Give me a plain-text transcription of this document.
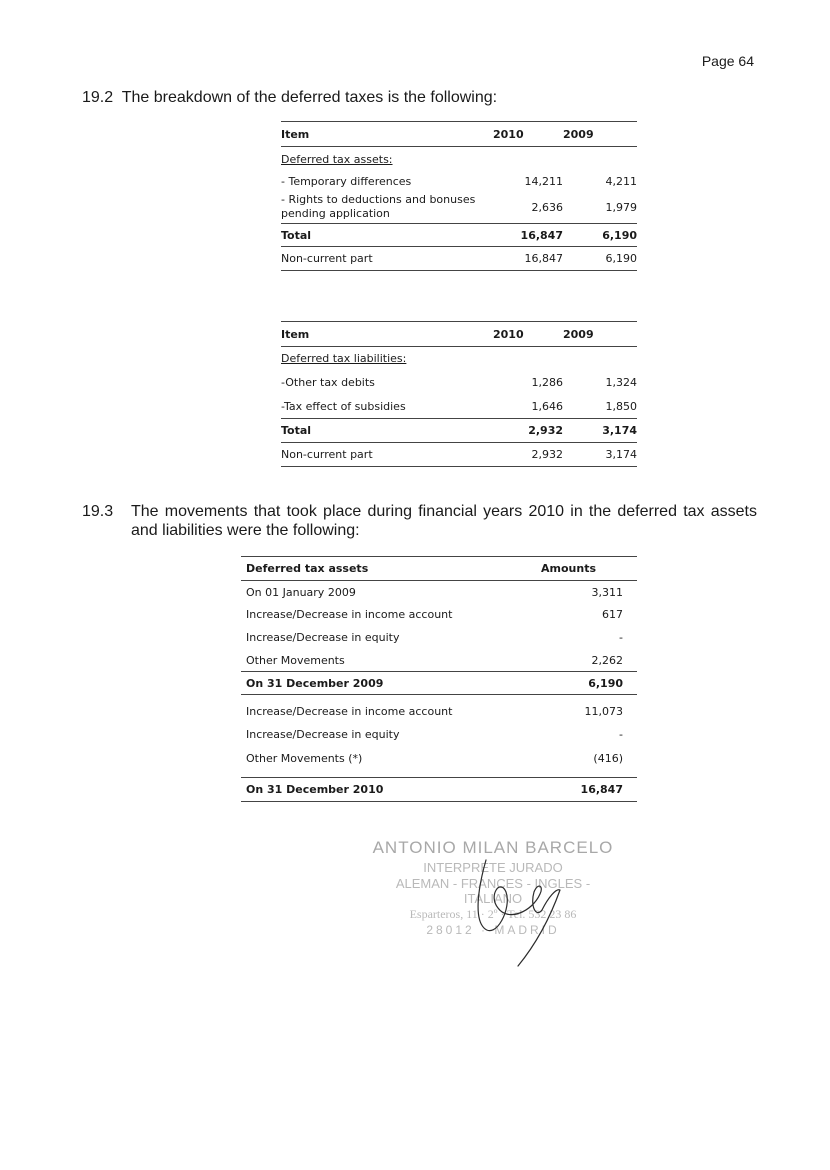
Page 64
19.2 The breakdown of the deferred taxes is the following:
Item	2010	2009
Deferred tax assets:		
- Temporary differences	14,211	4,211
- Rights to deductions and bonuses pending application	2,636	1,979
Total	16,847	6,190
Non-current part	16,847	6,190
Item	2010	2009
Deferred tax liabilities:		
-Other tax debits	1,286	1,324
-Tax effect of subsidies	1,646	1,850
Total	2,932	3,174
Non-current part	2,932	3,174
19.3 The movements that took place during financial years 2010 in the deferred tax assets and liabilities were the following:
Deferred tax assets	Amounts
On 01 January 2009	3,311
Increase/Decrease in income account	617
Increase/Decrease in equity	-
Other Movements	2,262
On 31 December 2009	6,190
Increase/Decrease in income account	11,073
Increase/Decrease in equity	-
Other Movements (*)	(416)

On 31 December 2010	16,847
ANTONIO MILAN BARCELO
INTERPRETE JURADO
ALEMAN - FRANCES - INGLES - ITALIANO
Esparteros, 11 · 2º · Tel. 532 23 86
28012 · MADRID
